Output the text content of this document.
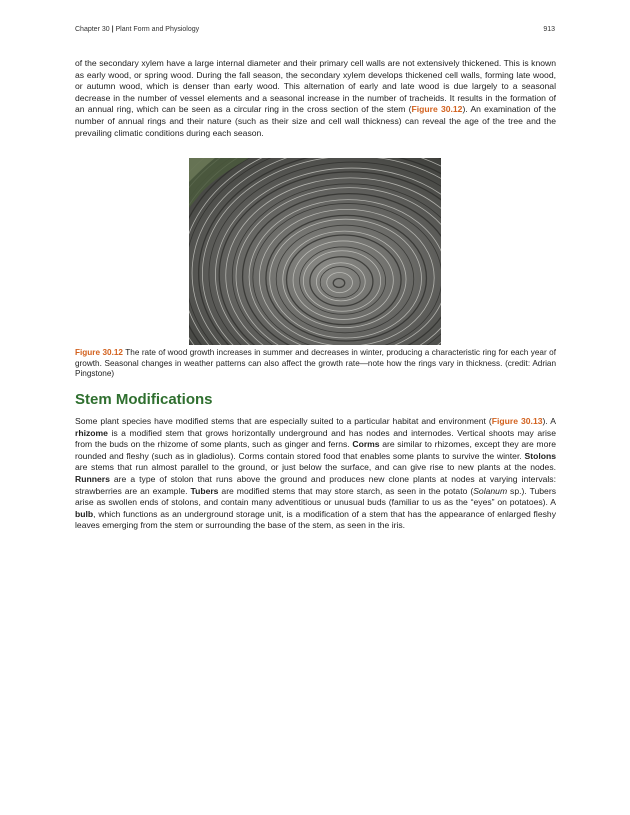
Chapter 30 | Plant Form and Physiology	913

of the secondary xylem have a large internal diameter and their primary cell walls are not extensively thickened. This is known as early wood, or spring wood. During the fall season, the secondary xylem develops thickened cell walls, forming late wood, or autumn wood, which is denser than early wood. This alternation of early and late wood is due largely to a seasonal decrease in the number of vessel elements and a seasonal increase in the number of tracheids. It results in the formation of an annual ring, which can be seen as a circular ring in the cross section of the stem (Figure 30.12). An examination of the number of annual rings and their nature (such as their size and cell wall thickness) can reveal the age of the tree and the prevailing climatic conditions during each season.

Figure 30.12 The rate of wood growth increases in summer and decreases in winter, producing a characteristic ring for each year of growth. Seasonal changes in weather patterns can also affect the growth rate—note how the rings vary in thickness. (credit: Adrian Pingstone)

Stem Modifications

Some plant species have modified stems that are especially suited to a particular habitat and environment (Figure 30.13). A rhizome is a modified stem that grows horizontally underground and has nodes and internodes. Vertical shoots may arise from the buds on the rhizome of some plants, such as ginger and ferns. Corms are similar to rhizomes, except they are more rounded and fleshy (such as in gladiolus). Corms contain stored food that enables some plants to survive the winter. Stolons are stems that run almost parallel to the ground, or just below the surface, and can give rise to new plants at the nodes. Runners are a type of stolon that runs above the ground and produces new clone plants at nodes at varying intervals: strawberries are an example. Tubers are modified stems that may store starch, as seen in the potato (Solanum sp.). Tubers arise as swollen ends of stolons, and contain many adventitious or unusual buds (familiar to us as the “eyes” on potatoes). A bulb, which functions as an underground storage unit, is a modification of a stem that has the appearance of enlarged fleshy leaves emerging from the stem or surrounding the base of the stem, as seen in the iris.
